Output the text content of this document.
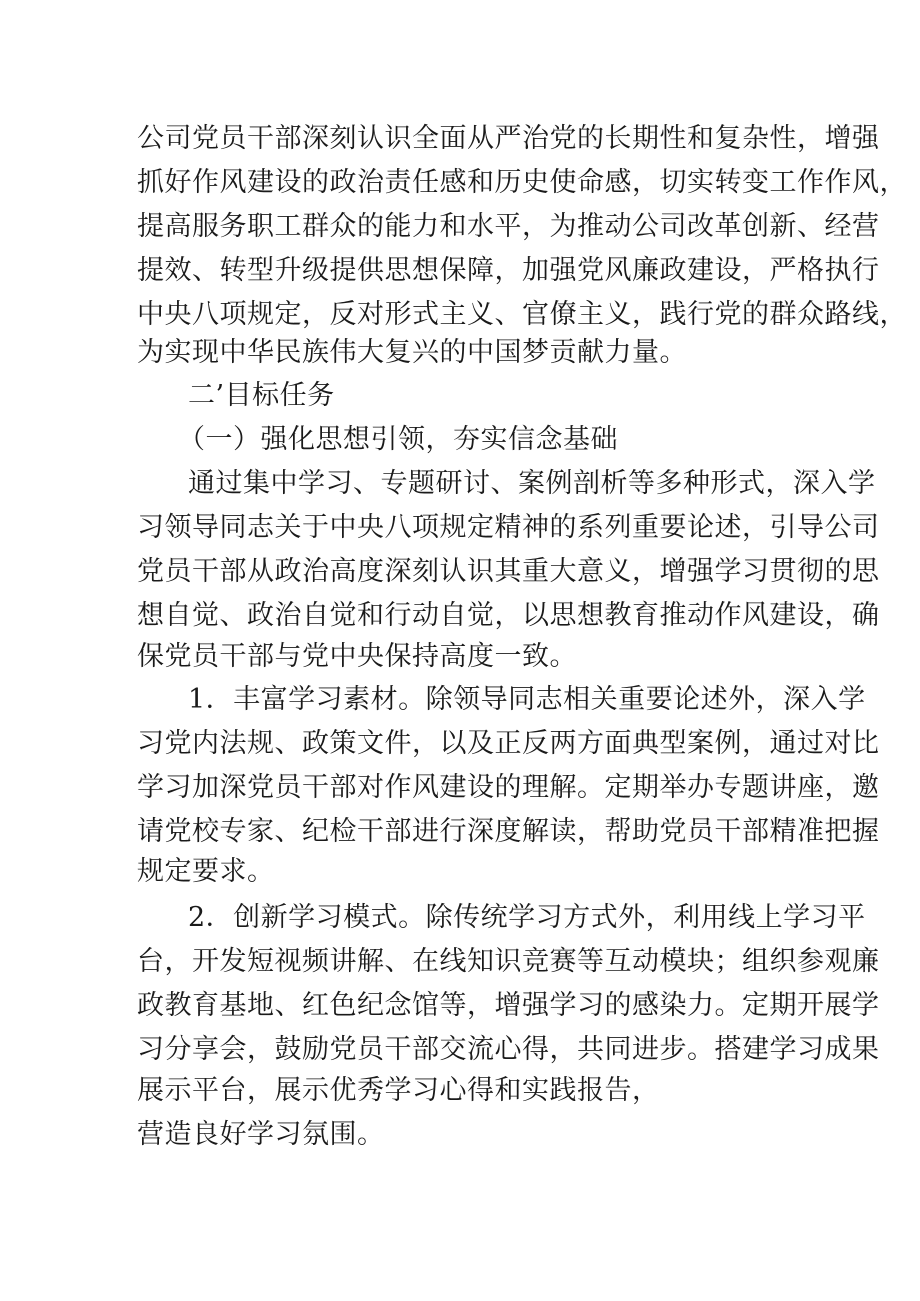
公司党员干部深刻认识全面从严治党的长期性和复杂性，增强
抓好作风建设的政治责任感和历史使命感，切实转变工作作风，
提高服务职工群众的能力和水平，为推动公司改革创新、经营
提效、转型升级提供思想保障，加强党风廉政建设，严格执行
中央八项规定，反对形式主义、官僚主义，践行党的群众路线，
为实现中华民族伟大复兴的中国梦贡献力量。
二’目标任务
（一）强化思想引领，夯实信念基础
通过集中学习、专题研讨、案例剖析等多种形式，深入学
习领导同志关于中央八项规定精神的系列重要论述，引导公司
党员干部从政治高度深刻认识其重大意义，增强学习贯彻的思
想自觉、政治自觉和行动自觉，以思想教育推动作风建设，确
保党员干部与党中央保持高度一致。
1．丰富学习素材。除领导同志相关重要论述外，深入学
习党内法规、政策文件，以及正反两方面典型案例，通过对比
学习加深党员干部对作风建设的理解。定期举办专题讲座，邀
请党校专家、纪检干部进行深度解读，帮助党员干部精准把握
规定要求。
2．创新学习模式。除传统学习方式外，利用线上学习平
台，开发短视频讲解、在线知识竞赛等互动模块；组织参观廉
政教育基地、红色纪念馆等，增强学习的感染力。定期开展学
习分享会，鼓励党员干部交流心得，共同进步。搭建学习成果
展示平台，展示优秀学习心得和实践报告，
营造良好学习氛围。
